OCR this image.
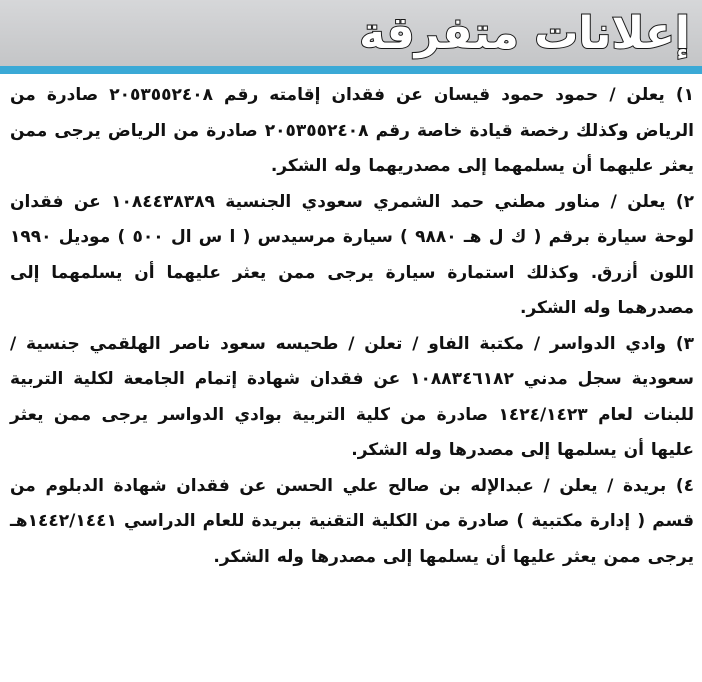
إعلانات متفرقة

١) يعلن / حمود حمود قيسان عن فقدان إقامته رقم ٢٠٥٣٥٥٢٤٠٨ صادرة من الرياض وكذلك رخصة قيادة خاصة رقم ٢٠٥٣٥٥٢٤٠٨ صادرة من الرياض يرجى ممن يعثر عليهما أن يسلمهما إلى مصدريهما وله الشكر.

٢) يعلن / مناور مطني حمد الشمري سعودي الجنسية ١٠٨٤٤٣٨٣٨٩ عن فقدان لوحة سيارة برقم ( ك ل هـ ٩٨٨٠ ) سيارة مرسيدس ( ا س ال ٥٠٠ ) موديل ١٩٩٠ اللون أزرق. وكذلك استمارة سيارة يرجى ممن يعثر عليهما أن يسلمهما إلى مصدرهما وله الشكر.

٣) وادي الدواسر / مكتبة الفاو / تعلن / طحيسه سعود ناصر الهلقمي جنسية / سعودية سجل مدني ١٠٨٨٣٤٦١٨٢ عن فقدان شهادة إتمام الجامعة لكلية التربية للبنات لعام ١٤٢٤/١٤٢٣ صادرة من كلية التربية بوادي الدواسر يرجى ممن يعثر عليها أن يسلمها إلى مصدرها وله الشكر.

٤) بريدة / يعلن / عبدالإله بن صالح علي الحسن عن فقدان شهادة الدبلوم من قسم ( إدارة مكتبية ) صادرة من الكلية التقنية ببريدة للعام الدراسي ١٤٤٢/١٤٤١هـ يرجى ممن يعثر عليها أن يسلمها إلى مصدرها وله الشكر.
